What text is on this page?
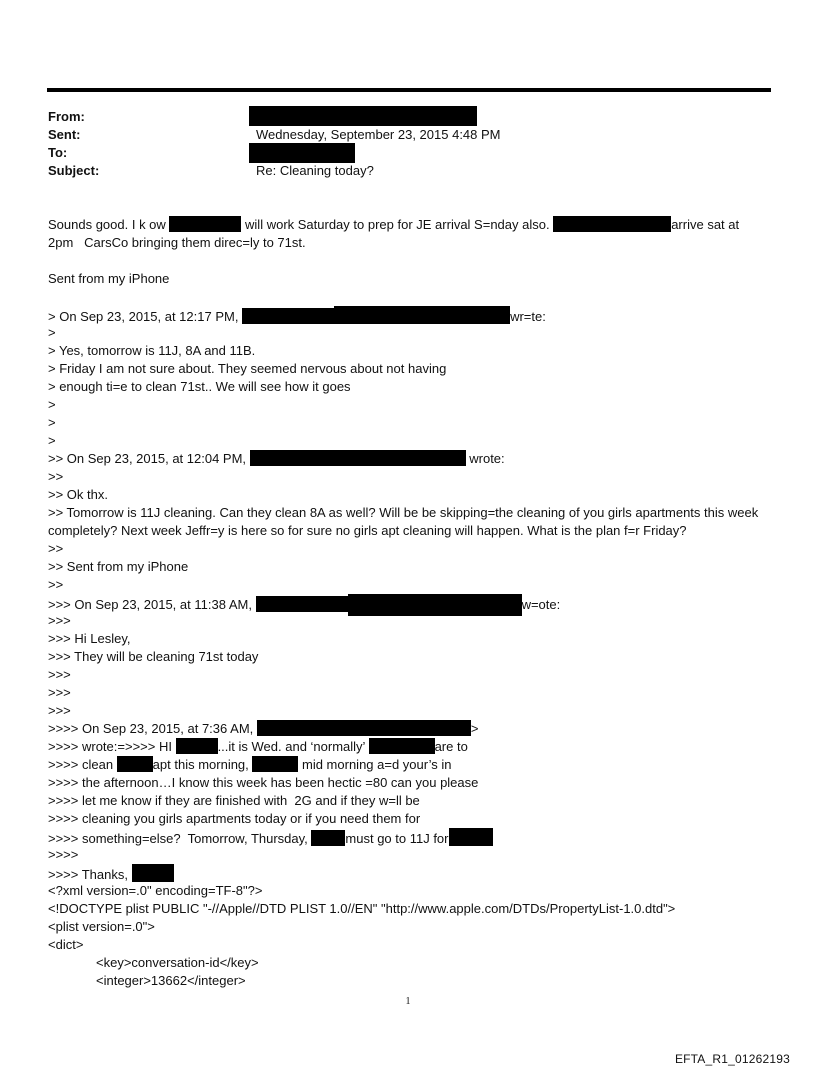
From:
Sent:	Wednesday, September 23, 2015 4:48 PM
To:
Subject:	Re: Cleaning today?
Sounds good. I k ow	will work Saturday to prep for JE arrival S=nday also.	arrive sat at
2pm   CarsCo bringing them direc=ly to 71st.
Sent from my iPhone
> On Sep 23, 2015, at 12:17 PM,	wr=te:
>
> Yes, tomorrow is 11J, 8A and 11B.
> Friday I am not sure about. They seemed nervous about not having
> enough ti=e to clean 71st.. We will see how it goes
>
>
>
>> On Sep 23, 2015, at 12:04 PM,	wrote:
>>
>> Ok thx.
>> Tomorrow is 11J cleaning. Can they clean 8A as well? Will be be skipping=the cleaning of you girls apartments this week completely? Next week Jeffr=y is here so for sure no girls apt cleaning will happen. What is the plan f=r Friday?
>>
>> Sent from my iPhone
>>
>>> On Sep 23, 2015, at 11:38 AM,	w=ote:
>>>
>>> Hi Lesley,
>>> They will be cleaning 71st today
>>>
>>>
>>>
>>>> On Sep 23, 2015, at 7:36 AM,	>
>>>> wrote:=>>>> HI	...it is Wed. and ‘normally’	are to
>>>> clean	apt this morning,	mid morning a=d your’s in
>>>> the afternoon…I know this week has been hectic =80 can you please
>>>> let me know if they are finished with  2G and if they w=ll be
>>>> cleaning you girls apartments today or if you need them for
>>>> something=else?  Tomorrow, Thursday,	must go to 11J for
>>>>
>>>> Thanks,
<?xml version=.0" encoding=TF-8"?>
<!DOCTYPE plist PUBLIC "-//Apple//DTD PLIST 1.0//EN" "http://www.apple.com/DTDs/PropertyList-1.0.dtd">
<plist version=.0">
<dict>
<key>conversation-id</key>
<integer>13662</integer>
1
EFTA_R1_01262193
